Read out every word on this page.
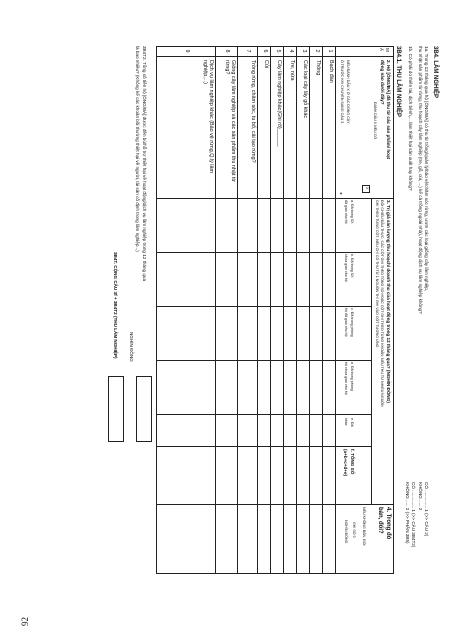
92
3B4. LÂM NGHIỆP
1a. Trong 12 tháng qua hộ [ÔNG/BÀ] có thu từ trồng/quản lý/bảo vệ/chăm sóc rừng, ươm các loại giống cây lâm nghiệp,
thu nhặt sản phẩm từ rừng, thu hoạch cây lâm nghiệp (tre, gỗ, củi, ...) kể cả trồng ngoài nhà), hoạt động dịch vụ lâm nghiệp không?
CÓ .............. 1 (>> CÂU 2)
KHÔNG ..... 2
1b. Có phải do thiên tai, dịch bệnh,... làm thiệt hại sản xuất hay không?
CÓ .............. 1 (>> CÂU 3B4T2)
KHÔNG ..... 2 (>> PHẦN 3B5)
3B4.1. THU LÂM NGHIỆP
M
Ã
2. Hộ [ÔNG/BÀ] đã thu từ các sản phẩm/ hoạt
động nào dưới đây?
ĐÁNH DẤU X NẾU CÓ
X
NẾU ĐÁNH DẤU X Ở CÁC DÒNG CÂY
Ô TRƯỚC KHI CHUYỂN SANG CÂU 3
►
3. Trị giá sản lượng thu hoạch/ doanh thu của hoạt động trong 12 tháng qua? (NGHÌN ĐỒNG)
ĐỐI CHIẾU ĐẦU THỰC, CÁC CỘT GHI THEO TỔNG SỐ HOẶC CỘT GHI THEO TỪNG KHOẢN; NẾU THU TỪ NHIỀU NGUỒN
GHI THEO TỪNG CỘT, NẾU CHỈ CÓ THU TỪ 1 NGUỒN THÌ GHI VÀO CỘT TƯƠNG ỨNG
a. Đã trong SX
đã giao cho hộ
b. Đã trong SX
chưa giao cho hộ
c. Đã trong phòng
hộ đã giao cho hộ
d. Đã trong phòng
hộ chưa giao cho hộ
e. Đã
khác
f. TỔNG SỐ
(a+b+c+d+e)
4. Trong đó
bán, đổi?
NẾU KHÔNG BÁN, ĐỔI
GHI SỐ 0
NGHÌN ĐỒNG
1
Bạch đàn
2
Thông
3
Các loại cây lấy gỗ khác
4
Tre, nứa
5
Cây lâm nghiệp khác(Ghi rõ)______
6
Củi
7
Trồng rừng, chăm sóc, tu bổ, cải tạo rừng?
8
Giống cây lâm nghiệp và các sản phẩm thu nhặt từ rừng?
9
Dịch vụ lâm nghiệp khác (Bảo vệ rừng,Q.lý lâm nghiệp,...)
3B4T2. Tổng số tiền hộ [ÔNG/BÀ] được đền bù/hỗ trợ thiệt hại về hoạt động/dịch vụ lâm nghiệp trong 12 tháng qua
là bao nhiêu? (Không kể các khoản bồi thường thiệt hại về người, tài sản cố định trong lâm nghiệp...)
NGHÌN ĐỒNG
3B4T. CỘNG CÂU 3f + 3B4T2 (THU LÂM NGHIỆP)
